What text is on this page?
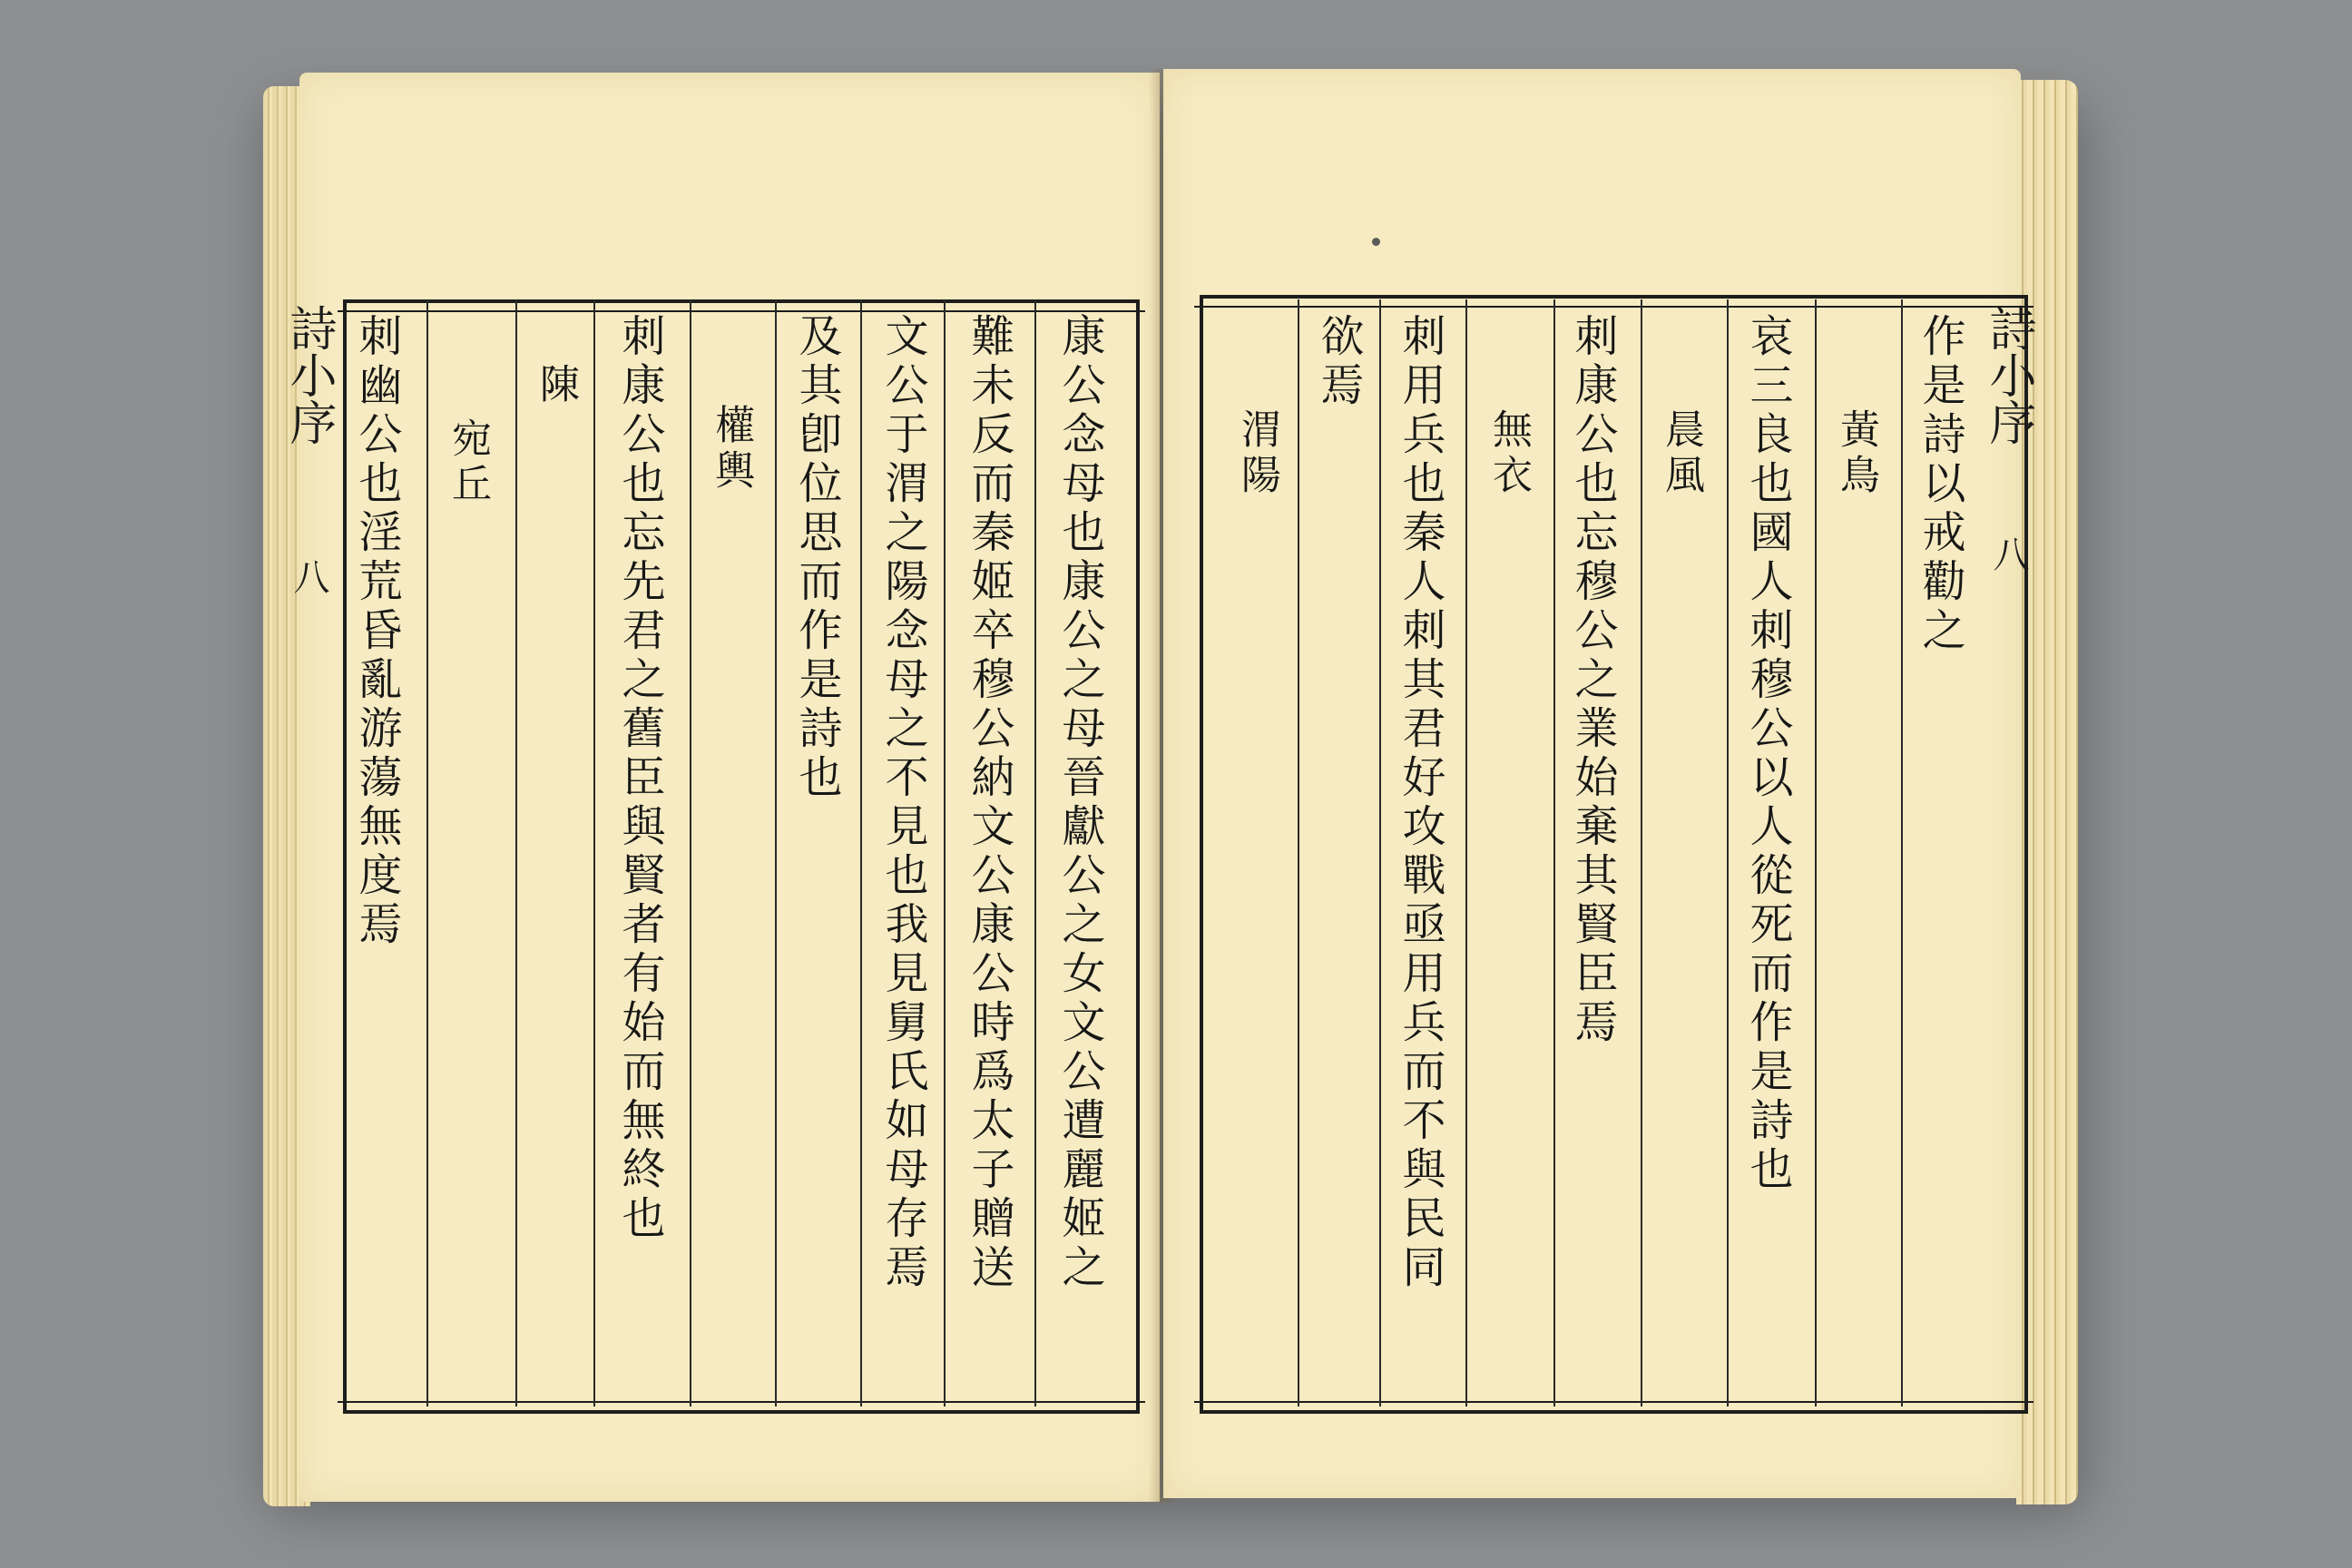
詩小序
八	康公念母也康公之母晉獻公之女文公遭麗姬之
難未反而秦姬卒穆公納文公康公時爲太子贈送
文公于渭之陽念母之不見也我見舅氏如母存焉
及其卽位思而作是詩也
權輿
刺康公也忘先君之舊臣與賢者有始而無終也
陳
宛丘
刺幽公也淫荒昏亂游蕩無度焉	詩小序
八
作是詩以戒勸之
黃鳥
哀三良也國人刺穆公以人從死而作是詩也
晨風
刺康公也忘穆公之業始棄其賢臣焉
無衣
刺用兵也秦人刺其君好攻戰亟用兵而不與民同
欲焉
渭陽
